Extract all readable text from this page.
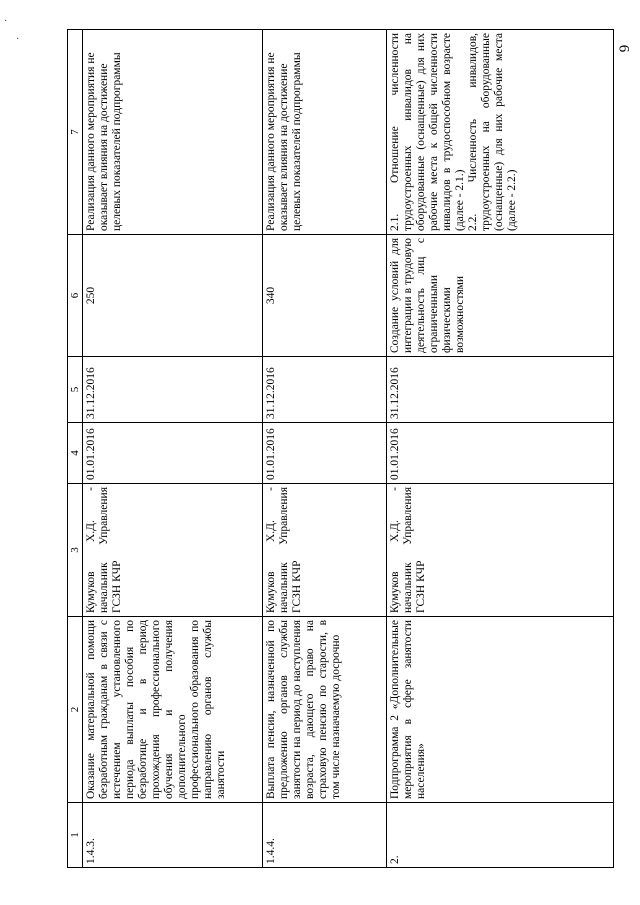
·
·
6
1	2	3	4	5	6	7
1.4.3.	Оказание материальной помощи безработным гражданам в связи с истечением установленного периода выплаты пособия по безработице и в период прохождения профессионального обучения и получения дополнительного профессионального образования по направлению органов службы занятости	Кумуков Х.Д. - начальник Управления ГСЗН КЧР	01.01.2016	31.12.2016	250	Реализация данного мероприятия не оказывает влияния на достижение целевых показателей подпрограммы
1.4.4.	Выплата пенсии, назначенной по предложению органов службы занятости на период до наступления возраста, дающего право на страховую пенсию по старости, в том числе назначаемую досрочно	Кумуков Х.Д. - начальник Управления ГСЗН КЧР	01.01.2016	31.12.2016	340	Реализация данного мероприятия не оказывает влияния на достижение целевых показателей подпрограммы
2.	Подпрограмма 2 «Дополнительные мероприятия в сфере занятости населения»	Кумуков Х.Д. - начальник Управления ГСЗН КЧР	01.01.2016	31.12.2016	Создание условий для интеграции в трудовую деятельность лиц с ограниченными физическими возможностями	2.1. Отношение численности трудоустроенных инвалидов на оборудованные (оснащенные) для них рабочие места к общей численности инвалидов в трудоспособном возрасте (далее - 2.1.)
2.2. Численность инвалидов, трудоустроенных на оборудованные (оснащенные) для них рабочие места (далее - 2.2.)
